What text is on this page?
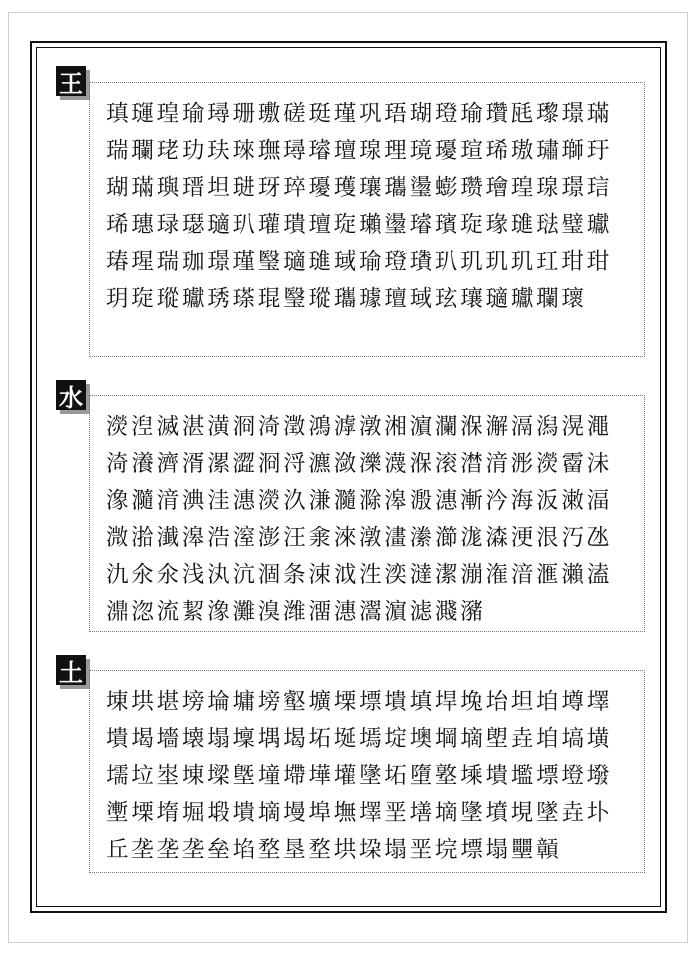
王
瑱璭瑝瑜璕珊璷磋珽瑾巩珸瑚璒瑜瓚瓱瓈璟璊瑞瓓珯玏玞琜璑璕璿璮瑔理璄瓇瑄琋璈璛瑡玗瑚璊璵瑨坦琎玡琗瓇瓁瓖瓗璗蟛瓒璯瑝瑔璟琂琋璤琭璱瓋玐瓘璝璮琁瓎璗璿璸琁瑑璡琺璧瓛瑃瑆瑞珈璟瑾瑿瓋璡琙瑜璒璳玐玑玑玑玒玵玵玥琁瑽瓛琇瑹琨瑿瑽瓗璩璮琙玹瓖瓋瓛瓓瓌
水
濙湼滅湛潢浻渏澂鴻滹潡湘濵瀾湺澥滆潟滉澠渏瀁濟湑漯澀浻浖瀌潋濼瀎湺滚澘湇浵濙霤沬潒瀡湇淟洼潓濙汣溓瀡滁滜溵潓漸汵海汳潄湢溦湁瀐滜浩潌澎汪淾淶潡澅潫瀄浝潹浭泿汅氹氿氽氽浅汍沆涸条涑泧泩湙澾潔漰潅湆滙瀨溘濎淴流絜潒灘溴潍澑潓瀥濵滤濺瀦
土
埬垬堪塝埨墉塝壑壙塛墂墤填垾堍坮坦垍墫墿墤堨墻壊塌壈堣堨坧埏墕埞墺堈墑塱垚垍塙墴壖垃埊埬墚墍墥墆墷壦墬坧墮墪塖墤壏墂墱墢壍塛堶堀塅墤墑墁埠墲墿垩墡墑墬墳垷墜垚圤丘垄垄垄垒埳堥垦堥垬垜塌垩垸墂塌壨贑
